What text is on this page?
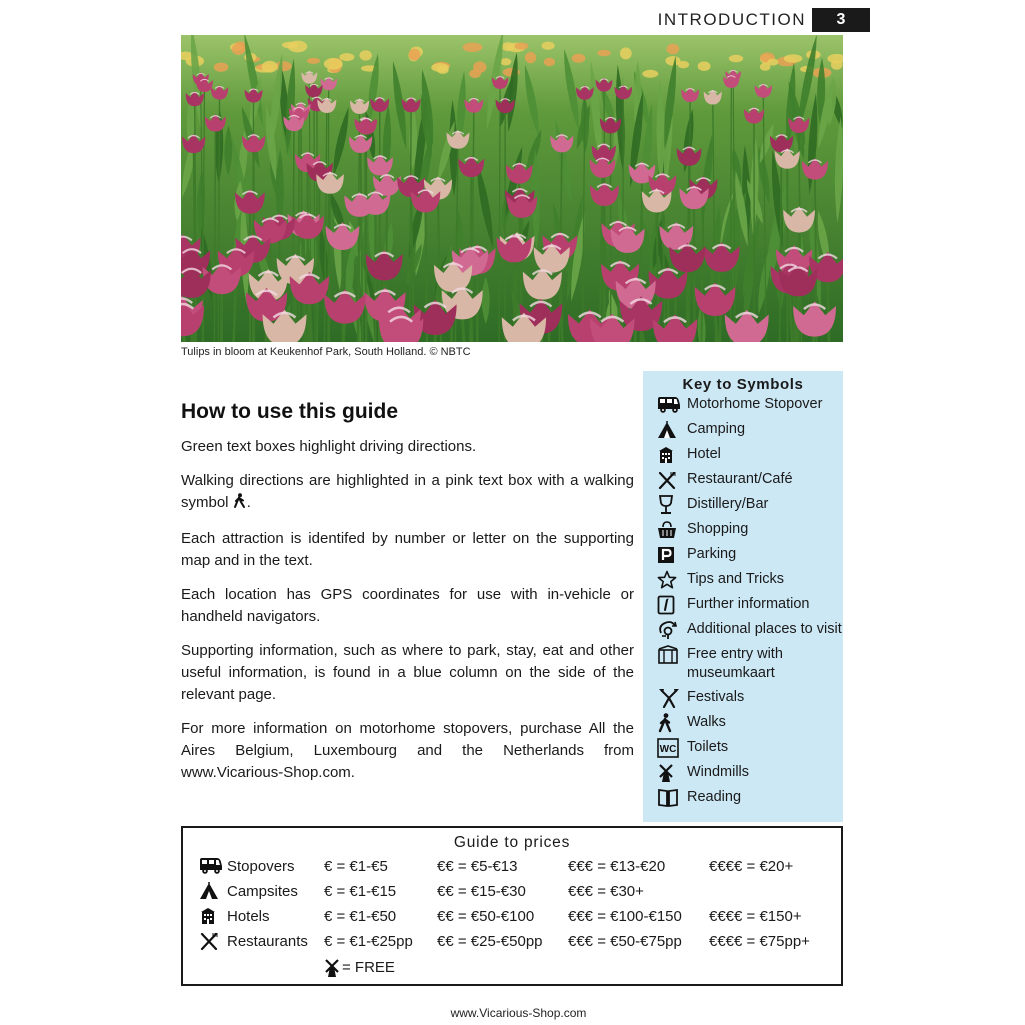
INTRODUCTION	3
Tulips in bloom at Keukenhof Park, South Holland. © NBTC
How to use this guide

Green text boxes highlight driving directions.

Walking directions are highlighted in a pink text box with a walking symbol .

Each attraction is identifed by number or letter on the supporting map and in the text.

Each location has GPS coordinates for use with in-vehicle or handheld navigators.

Supporting information, such as where to park, stay, eat and other useful information, is found in a blue column on the side of the relevant page.

For more information on motorhome stopovers, purchase All the Aires Belgium, Luxembourg and the Netherlands from www.Vicarious-Shop.com.

Key to Symbols
Motorhome Stopover
Camping
Hotel
Restaurant/Café
Distillery/Bar
Shopping
Parking
Tips and Tricks
Further information
Additional places to visit
Free entry with museumkaart
Festivals
Walks
WC Toilets
Windmills
Reading
Guide to prices
Stopovers € = €1-€5	€€ = €5-€13	€€€ = €13-€20	€€€€ = €20+
Campsites € = €1-€15	€€ = €15-€30	€€€ = €30+
Hotels	€ = €1-€50	€€ = €50-€100 €€€ = €100-€150 €€€€ = €150+
Restaurants € = €1-€25pp €€ = €25-€50pp €€€ = €50-€75pp €€€€ = €75pp+
= FREE
www.Vicarious-Shop.com
